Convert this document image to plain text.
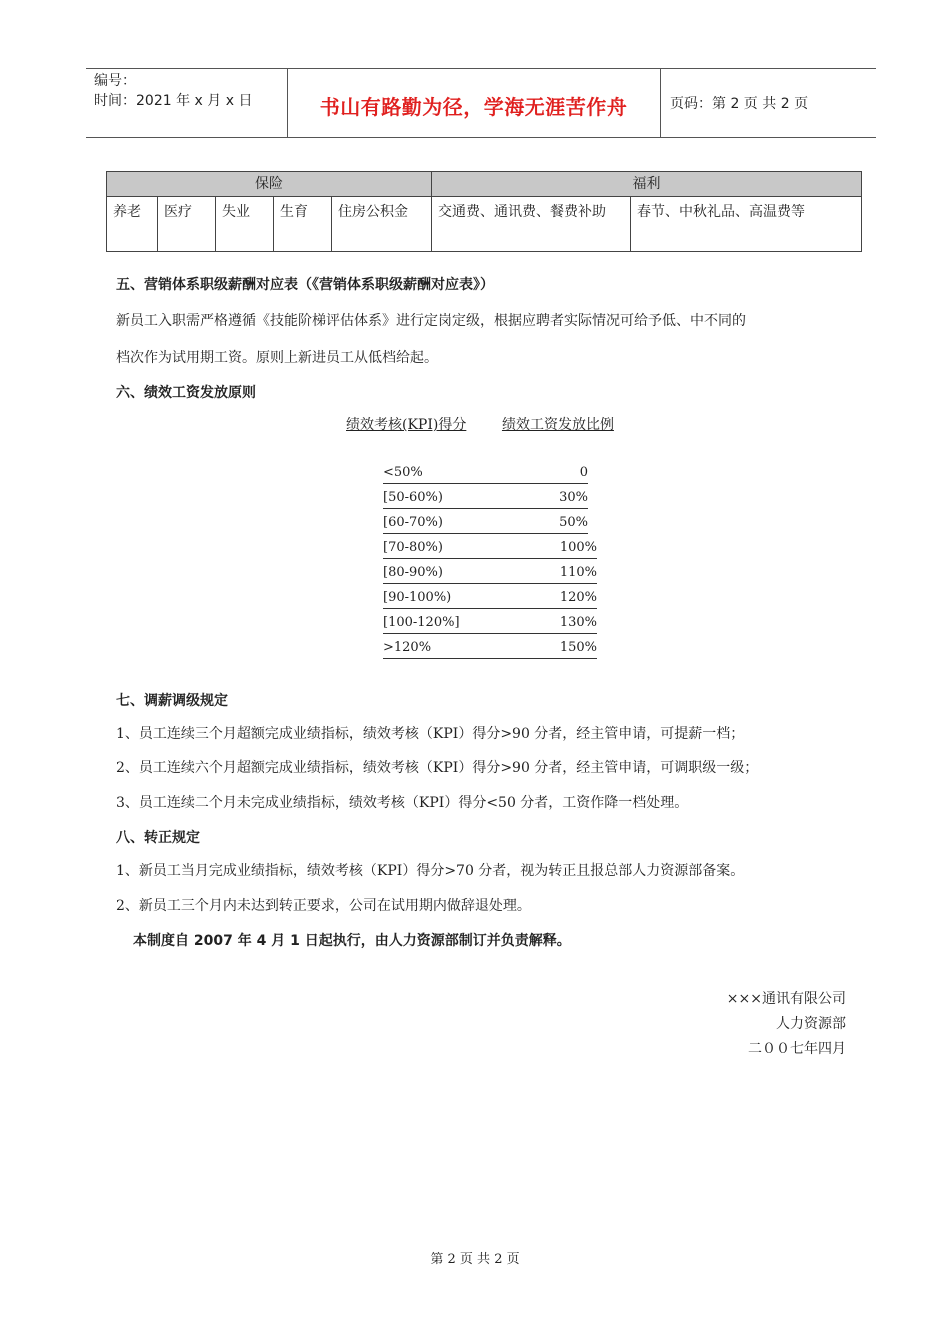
编号：
时间：2021 年 x 月 x 日	书山有路勤为径，学海无涯苦作舟	页码：第 2 页 共 2 页
保险					福利	
养老	医疗	失业	生育	住房公积金	交通费、通讯费、餐费补助	春节、中秋礼品、高温费等
五、营销体系职级薪酬对应表（《营销体系职级薪酬对应表》）
新员工入职需严格遵循《技能阶梯评估体系》进行定岗定级，根据应聘者实际情况可给予低、中不同的
档次作为试用期工资。原则上新进员工从低档给起。
六、绩效工资发放原则
绩效考核(KPI)得分	绩效工资发放比例
<50%	0
[50-60%)	30%
[60-70%)	50%
[70-80%)	100%
[80-90%)	110%
[90-100%)	120%
[100-120%]	130%
>120%	150%
七、调薪调级规定
1、员工连续三个月超额完成业绩指标，绩效考核（KPI）得分>90 分者，经主管申请，可提薪一档；
2、员工连续六个月超额完成业绩指标，绩效考核（KPI）得分>90 分者，经主管申请，可调职级一级；
3、员工连续二个月未完成业绩指标，绩效考核（KPI）得分<50 分者，工资作降一档处理。
八、转正规定
1、新员工当月完成业绩指标，绩效考核（KPI）得分>70 分者，视为转正且报总部人力资源部备案。
2、新员工三个月内未达到转正要求，公司在试用期内做辞退处理。
本制度自 2007 年 4 月 1 日起执行，由人力资源部制订并负责解释。
×××通讯有限公司
人力资源部
二００七年四月
第 2 页 共 2 页
